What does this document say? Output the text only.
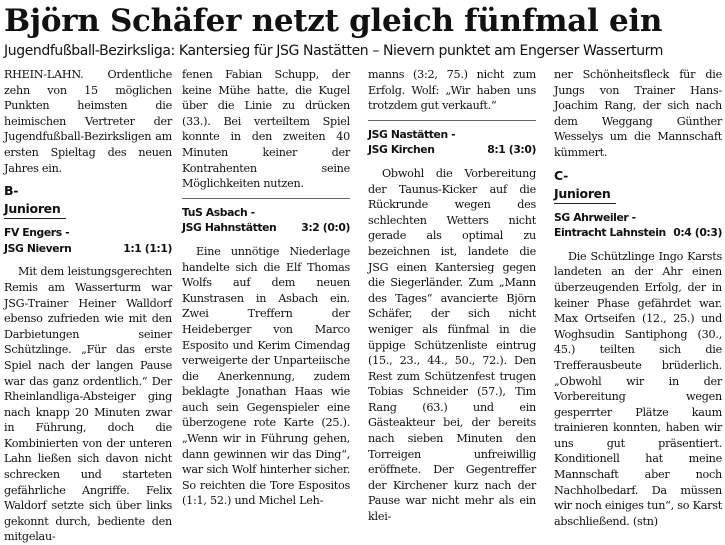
Björn Schäfer netzt gleich fünfmal ein
Jugendfußball-Bezirksliga: Kantersieg für JSG Nastätten – Nievern punktet am Engerser Wasserturm

RHEIN-LAHN. Ordentliche zehn von 15 möglichen Punkten heimsten die heimischen Vertreter der Jugendfußball-Bezirksligen am ersten Spieltag des neuen Jahres ein.

B-Junioren
FV Engers -
JSG Nievern	1:1 (1:1)

Mit dem leistungsgerechten Remis am Wasserturm war JSG-Trainer Heiner Walldorf ebenso zufrieden wie mit den Darbietungen seiner Schützlinge. „Für das erste Spiel nach der langen Pause war das ganz ordentlich.“ Der Rheinlandliga-Absteiger ging nach knapp 20 Minuten zwar in Führung, doch die Kombinierten von der unteren Lahn ließen sich davon nicht schrecken und starteten gefährliche Angriffe. Felix Waldorf setzte sich über links gekonnt durch, bediente den mitgelau-

fenen Fabian Schupp, der keine Mühe hatte, die Kugel über die Linie zu drücken (33.). Bei verteiltem Spiel konnte in den zweiten 40 Minuten keiner der Kontrahenten seine Möglichkeiten nutzen.

TuS Asbach -
JSG Hahnstätten 3:2 (0:0)

Eine unnötige Niederlage handelte sich die Elf Thomas Wolfs auf dem neuen Kunstrasen in Asbach ein. Zwei Treffern der Heideberger von Marco Esposito und Kerim Cimendag verweigerte der Unparteiische die Anerkennung, zudem beklagte Jonathan Haas wie auch sein Gegenspieler eine überzogene rote Karte (25.). „Wenn wir in Führung gehen, dann gewinnen wir das Ding“, war sich Wolf hinterher sicher. So reichten die Tore Espositos (1:1, 52.) und Michel Leh-

manns (3:2, 75.) nicht zum Erfolg. Wolf: „Wir haben uns trotzdem gut verkauft.“

JSG Nastätten -
JSG Kirchen	8:1 (3:0)

Obwohl die Vorbereitung der Taunus-Kicker auf die Rückrunde wegen des schlechten Wetters nicht gerade als optimal zu bezeichnen ist, landete die JSG einen Kantersieg gegen die Siegerländer. Zum „Mann des Tages“ avancierte Björn Schäfer, der sich nicht weniger als fünfmal in die üppige Schützenliste eintrug (15., 23., 44., 50., 72.). Den Rest zum Schützenfest trugen Tobias Schneider (57.), Tim Rang (63.) und ein Gästeakteur bei, der bereits nach sieben Minuten den Torreigen unfreiwillig eröffnete. Der Gegentreffer der Kirchener kurz nach der Pause war nicht mehr als ein klei-

ner Schönheitsfleck für die Jungs von Trainer Hans-Joachim Rang, der sich nach dem Weggang Günther Wesselys um die Mannschaft kümmert.

C-Junioren
SG Ahrweiler -
Eintracht Lahnstein 0:4 (0:3)

Die Schützlinge Ingo Karsts landeten an der Ahr einen überzeugenden Erfolg, der in keiner Phase gefährdet war. Max Ortseifen (12., 25.) und Woghsudin Santiphong (30., 45.) teilten sich die Trefferausbeute brüderlich. „Obwohl wir in der Vorbereitung wegen gesperrter Plätze kaum trainieren konnten, haben wir uns gut präsentiert. Konditionell hat meine Mannschaft aber noch Nachholbedarf. Da müssen wir noch einiges tun“, so Karst abschließend. (stn)
